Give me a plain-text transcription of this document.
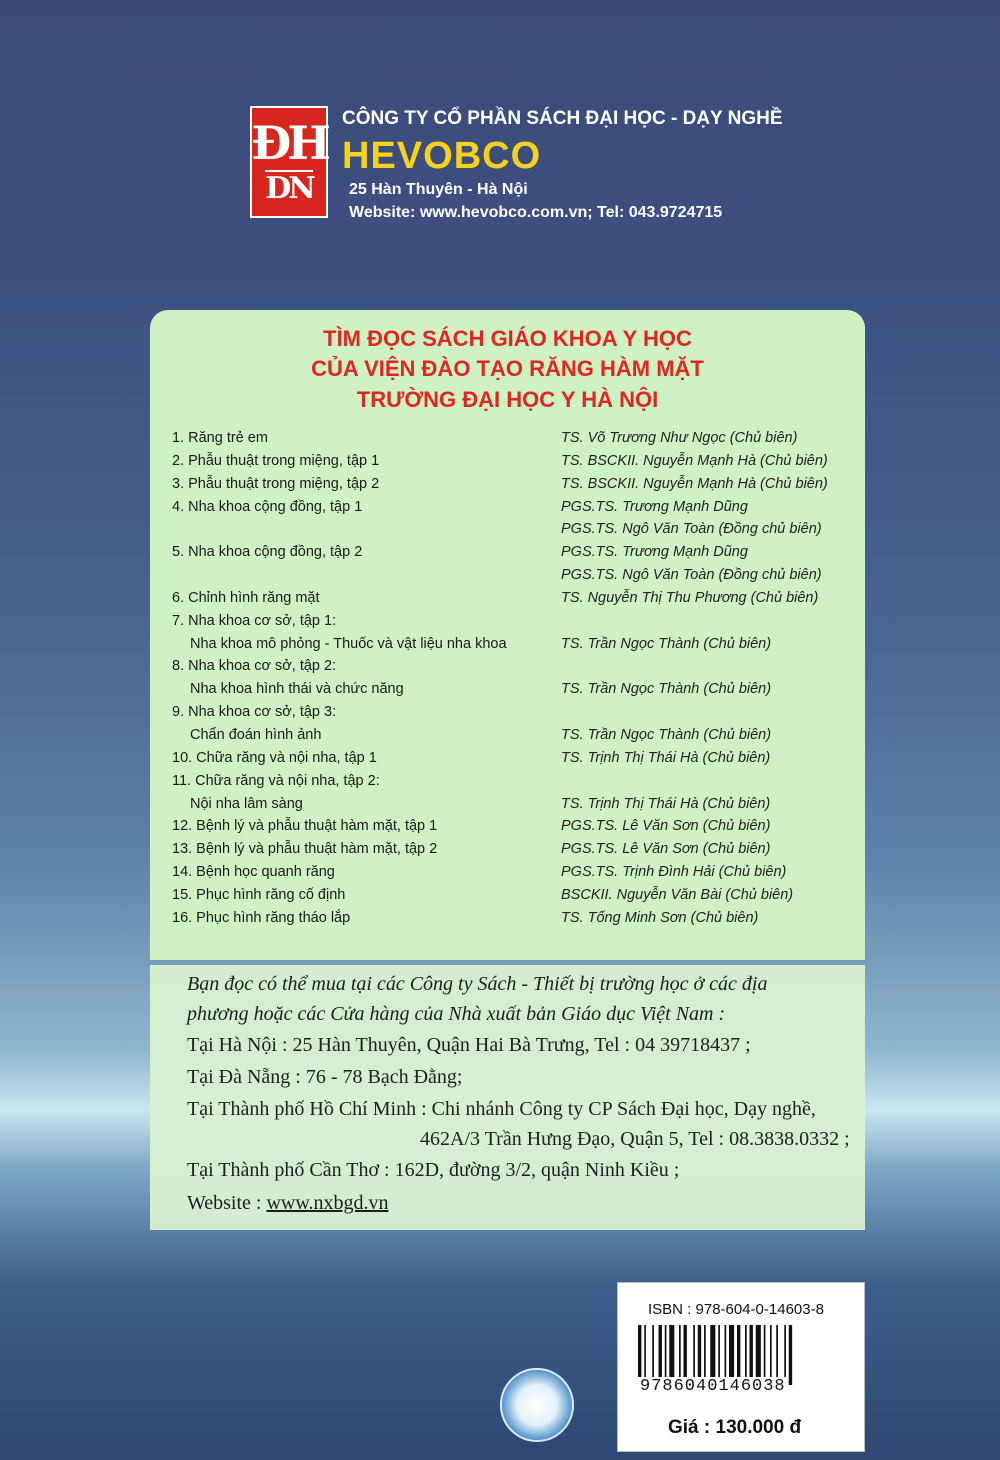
ĐH
DN
CÔNG TY CỔ PHẦN SÁCH ĐẠI HỌC - DẠY NGHỀ
HEVOBCO
25 Hàn Thuyên - Hà Nội
Website: www.hevobco.com.vn; Tel: 043.9724715
TÌM ĐỌC SÁCH GIÁO KHOA Y HỌC
CỦA VIỆN ĐÀO TẠO RĂNG HÀM MẶT
TRƯỜNG ĐẠI HỌC Y HÀ NỘI
1. Răng trẻ em	TS. Võ Trương Như Ngọc (Chủ biên)
2. Phẫu thuật trong miệng, tập 1	TS. BSCKII. Nguyễn Mạnh Hà (Chủ biên)
3. Phẫu thuật trong miệng, tập 2	TS. BSCKII. Nguyễn Mạnh Hà (Chủ biên)
4. Nha khoa cộng đồng, tập 1	PGS.TS. Trương Mạnh Dũng
PGS.TS. Ngô Văn Toàn (Đồng chủ biên)
5. Nha khoa cộng đồng, tập 2	PGS.TS. Trương Mạnh Dũng
PGS.TS. Ngô Văn Toàn (Đồng chủ biên)
6. Chỉnh hình răng mặt	TS. Nguyễn Thị Thu Phương (Chủ biên)
7. Nha khoa cơ sở, tập 1:
Nha khoa mô phỏng - Thuốc và vật liệu nha khoa	TS. Trần Ngọc Thành (Chủ biên)
8. Nha khoa cơ sở, tập 2:
Nha khoa hình thái và chức năng	TS. Trần Ngọc Thành (Chủ biên)
9. Nha khoa cơ sở, tập 3:
Chẩn đoán hình ảnh	TS. Trần Ngọc Thành (Chủ biên)
10. Chữa răng và nội nha, tập 1	TS. Trịnh Thị Thái Hà (Chủ biên)
11. Chữa răng và nội nha, tập 2:
Nội nha lâm sàng	TS. Trịnh Thị Thái Hà (Chủ biên)
12. Bệnh lý và phẫu thuật hàm mặt, tập 1	PGS.TS. Lê Văn Sơn (Chủ biên)
13. Bệnh lý và phẫu thuật hàm mặt, tập 2	PGS.TS. Lê Văn Sơn (Chủ biên)
14. Bệnh học quanh răng	PGS.TS. Trịnh Đình Hải (Chủ biên)
15. Phục hình răng cố định	BSCKII. Nguyễn Văn Bài (Chủ biên)
16. Phục hình răng tháo lắp	TS. Tống Minh Sơn (Chủ biên)
Bạn đọc có thể mua tại các Công ty Sách - Thiết bị trường học ở các địa
phương hoặc các Cửa hàng của Nhà xuất bản Giáo dục Việt Nam :
Tại Hà Nội : 25 Hàn Thuyên, Quận Hai Bà Trưng, Tel : 04 39718437 ;
Tại Đà Nẵng : 76 - 78 Bạch Đằng;
Tại Thành phố Hồ Chí Minh : Chi nhánh Công ty CP Sách Đại học, Dạy nghề,
462A/3 Trần Hưng Đạo, Quận 5, Tel : 08.3838.0332 ;
Tại Thành phố Cần Thơ : 162D, đường 3/2, quận Ninh Kiều ;
Website : www.nxbgd.vn
ISBN : 978-604-0-14603-8
9786040146038
Giá : 130.000 đ
